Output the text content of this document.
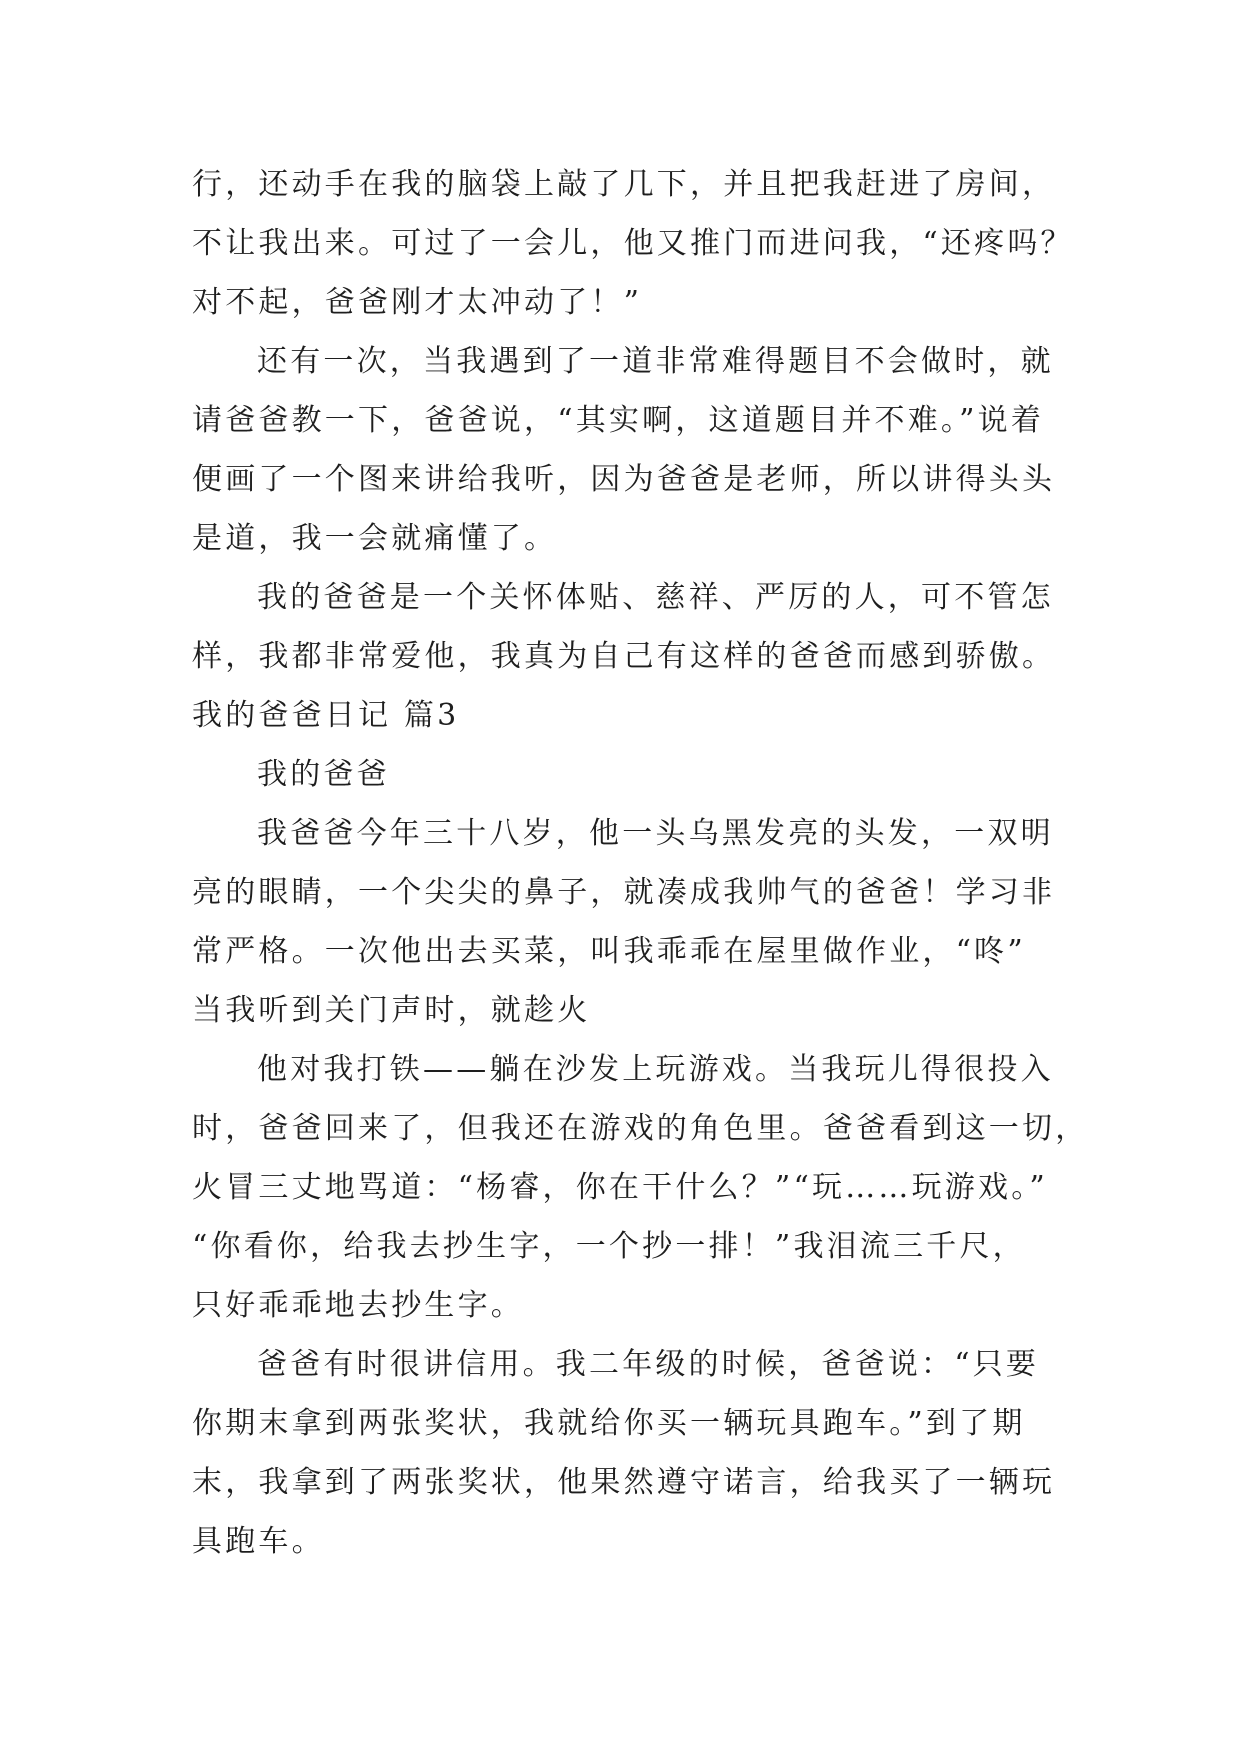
行，还动手在我的脑袋上敲了几下，并且把我赶进了房间，
不让我出来。可过了一会儿，他又推门而进问我，“还疼吗？
对不起，爸爸刚才太冲动了！”
还有一次，当我遇到了一道非常难得题目不会做时，就
请爸爸教一下，爸爸说，“其实啊，这道题目并不难。”说着
便画了一个图来讲给我听，因为爸爸是老师，所以讲得头头
是道，我一会就痛懂了。
我的爸爸是一个关怀体贴、慈祥、严厉的人，可不管怎
样，我都非常爱他，我真为自己有这样的爸爸而感到骄傲。
我的爸爸日记 篇3
我的爸爸
我爸爸今年三十八岁，他一头乌黑发亮的头发，一双明
亮的眼睛，一个尖尖的鼻子，就凑成我帅气的爸爸！学习非
常严格。一次他出去买菜，叫我乖乖在屋里做作业，“咚”
当我听到关门声时，就趁火
他对我打铁——躺在沙发上玩游戏。当我玩儿得很投入
时，爸爸回来了，但我还在游戏的角色里。爸爸看到这一切，
火冒三丈地骂道：“杨睿，你在干什么？”“玩……玩游戏。”
“你看你，给我去抄生字，一个抄一排！”我泪流三千尺，
只好乖乖地去抄生字。
爸爸有时很讲信用。我二年级的时候，爸爸说：“只要
你期末拿到两张奖状，我就给你买一辆玩具跑车。”到了期
末，我拿到了两张奖状，他果然遵守诺言，给我买了一辆玩
具跑车。
